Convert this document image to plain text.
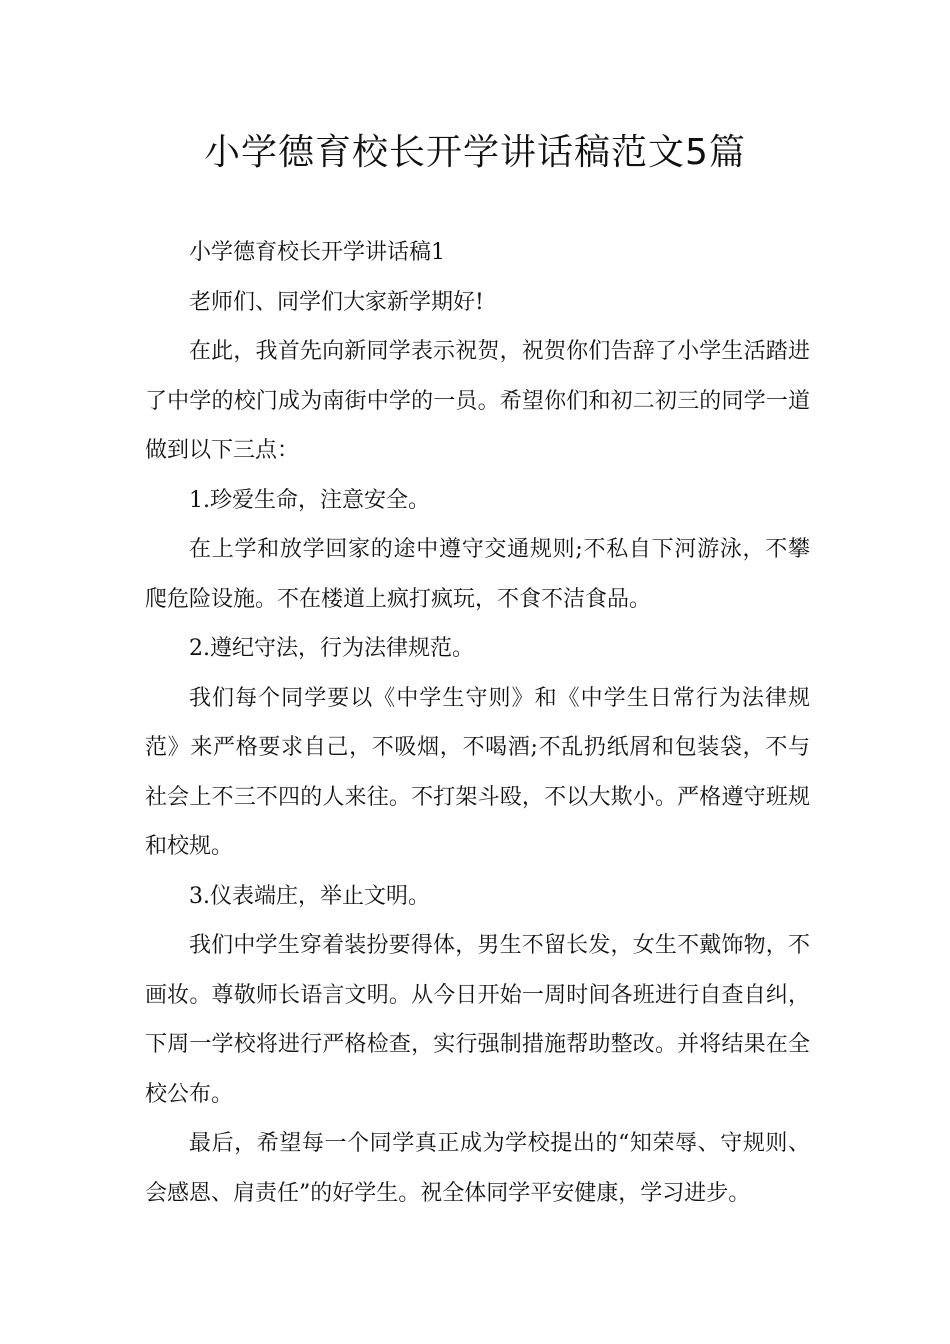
小学德育校长开学讲话稿范文5篇

小学德育校长开学讲话稿1

老师们、同学们大家新学期好!

在此，我首先向新同学表示祝贺，祝贺你们告辞了小学生活踏进了中学的校门成为南街中学的一员。希望你们和初二初三的同学一道做到以下三点：

1.珍爱生命，注意安全。

在上学和放学回家的途中遵守交通规则;不私自下河游泳，不攀爬危险设施。不在楼道上疯打疯玩，不食不洁食品。

2.遵纪守法，行为法律规范。

我们每个同学要以《中学生守则》和《中学生日常行为法律规范》来严格要求自己，不吸烟，不喝酒;不乱扔纸屑和包装袋，不与社会上不三不四的人来往。不打架斗殴，不以大欺小。严格遵守班规和校规。

3.仪表端庄，举止文明。

我们中学生穿着装扮要得体，男生不留长发，女生不戴饰物，不画妆。尊敬师长语言文明。从今日开始一周时间各班进行自查自纠，下周一学校将进行严格检查，实行强制措施帮助整改。并将结果在全校公布。

最后，希望每一个同学真正成为学校提出的“知荣辱、守规则、会感恩、肩责任”的好学生。祝全体同学平安健康，学习进步。
